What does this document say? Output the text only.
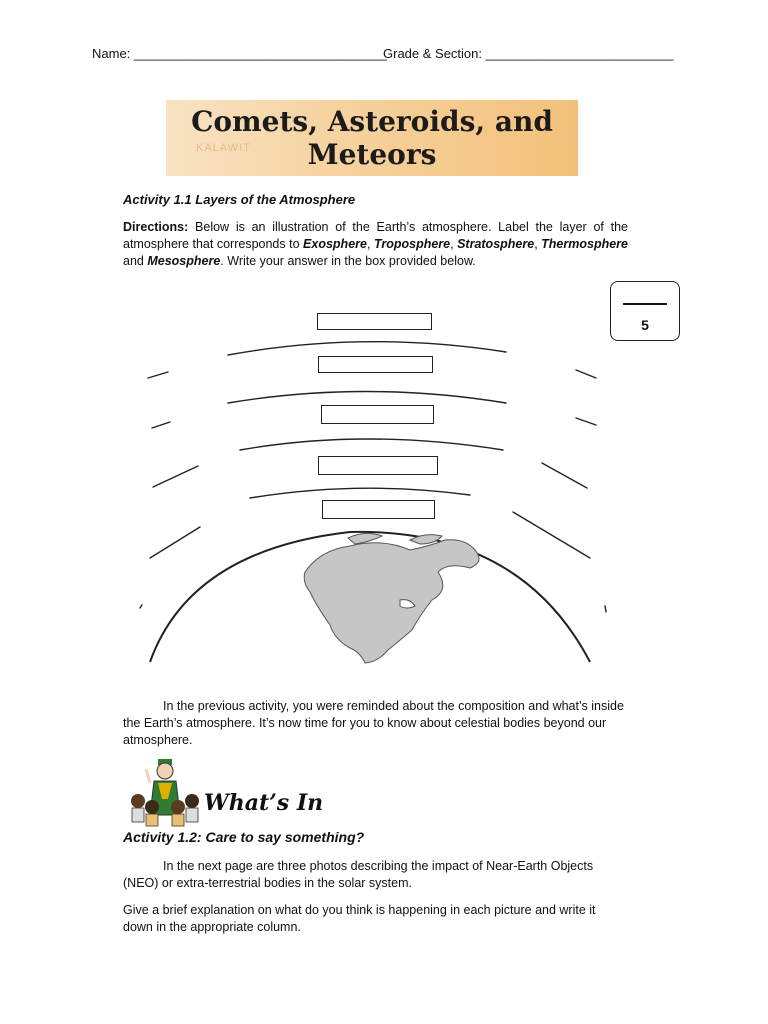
Name: ___________________________________
Grade & Section: __________________________
KALAWIT
Comets, Asteroids, and
Meteors
Activity 1.1 Layers of the Atmosphere
Directions: Below is an illustration of the Earth’s atmosphere. Label the layer of the atmosphere that corresponds to Exosphere, Troposphere, Stratosphere, Thermosphere and Mesosphere. Write your answer in the box provided below.
5
In the previous activity, you were reminded about the composition and what’s inside the Earth’s atmosphere. It’s now time for you to know about celestial bodies beyond our atmosphere.
What’s In
Activity 1.2: Care to say something?
In the next page are three photos describing the impact of Near-Earth Objects (NEO) or extra-terrestrial bodies in the solar system.
Give a brief explanation on what do you think is happening in each picture and write it down in the appropriate column.
